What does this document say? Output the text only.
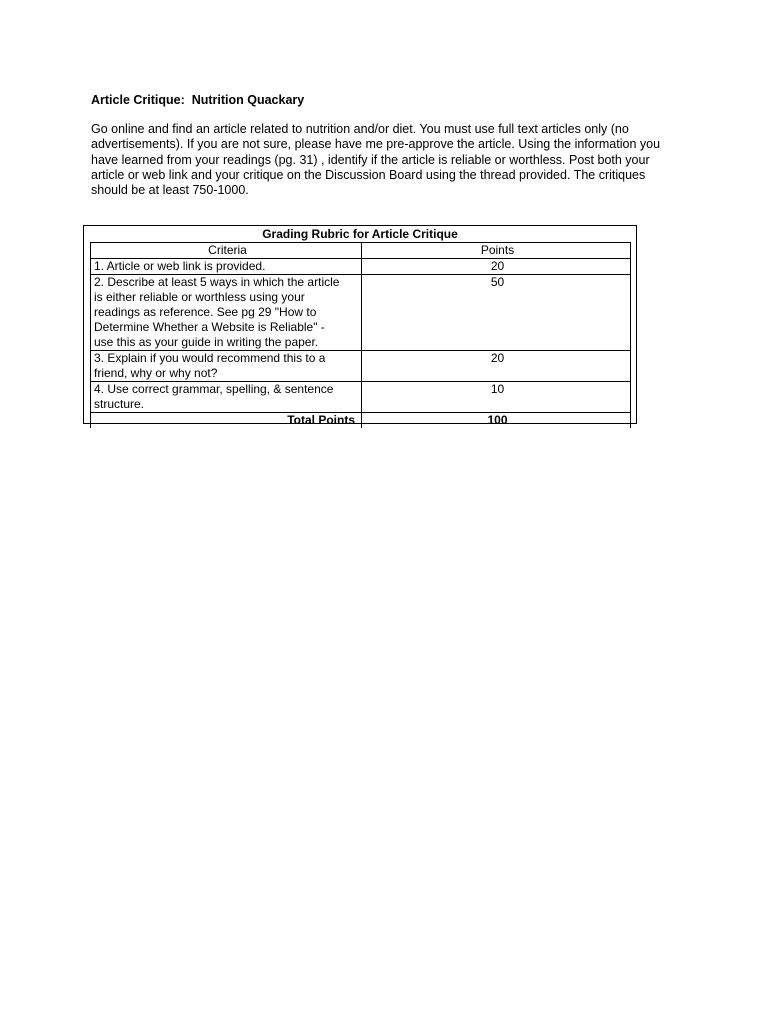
Article Critique:  Nutrition Quackary
Go online and find an article related to nutrition and/or diet. You must use full text articles only (no
advertisements). If you are not sure, please have me pre-approve the article. Using the information you
have learned from your readings (pg. 31) , identify if the article is reliable or worthless. Post both your
article or web link and your critique on the Discussion Board using the thread provided. The critiques
should be at least 750-1000.
Grading Rubric for Article Critique
Criteria	Points

1. Article or web link is provided.	20

2. Describe at least 5 ways in which the article
is either reliable or worthless using your
readings as reference. See pg 29 "How to
Determine Whether a Website is Reliable" -
use this as your guide in writing the paper.	50

3. Explain if you would recommend this to a
friend, why or why not?	20

4. Use correct grammar, spelling, & sentence
structure.	10
Total Points	100
